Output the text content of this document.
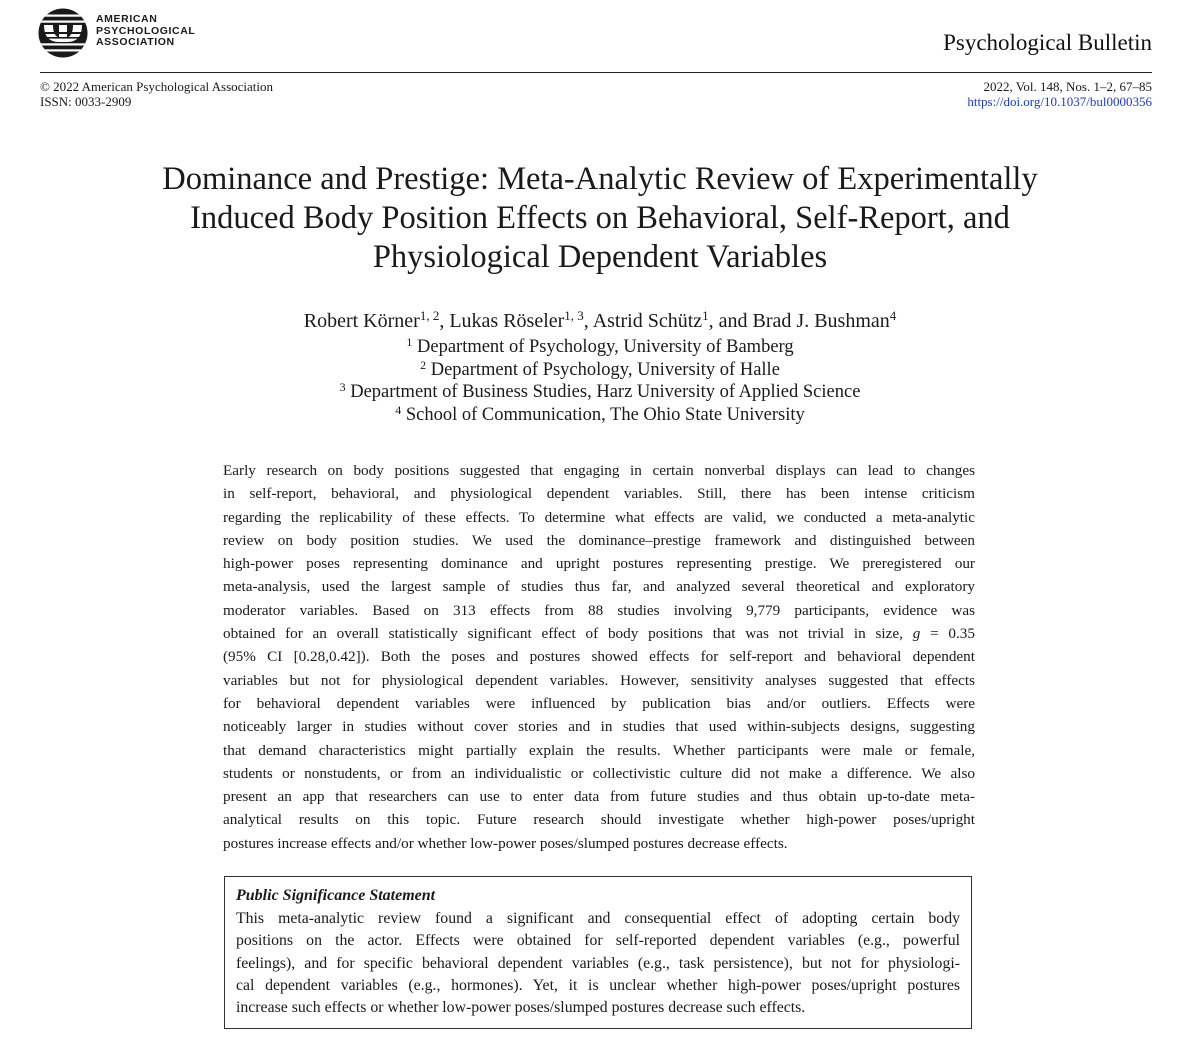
AMERICAN
PSYCHOLOGICAL
ASSOCIATION	Psychological Bulletin
© 2022 American Psychological Association
ISSN: 0033-2909
2022, Vol. 148, Nos. 1–2, 67–85
https://doi.org/10.1037/bul0000356
Dominance and Prestige: Meta-Analytic Review of Experimentally
Induced Body Position Effects on Behavioral, Self-Report, and
Physiological Dependent Variables
Robert Körner$^{1, 2}$, Lukas Röseler$^{1, 3}$, Astrid Schütz$^1$, and Brad J. Bushman$^4$
$^1$ Department of Psychology, University of Bamberg
$^2$ Department of Psychology, University of Halle
$^3$ Department of Business Studies, Harz University of Applied Science
$^4$ School of Communication, The Ohio State University
Early research on body positions suggested that engaging in certain nonverbal displays can lead to changes
in self-report, behavioral, and physiological dependent variables. Still, there has been intense criticism
regarding the replicability of these effects. To determine what effects are valid, we conducted a meta-analytic
review on body position studies. We used the dominance–prestige framework and distinguished between
high-power poses representing dominance and upright postures representing prestige. We preregistered our
meta-analysis, used the largest sample of studies thus far, and analyzed several theoretical and exploratory
moderator variables. Based on 313 effects from 88 studies involving 9,779 participants, evidence was
obtained for an overall statistically significant effect of body positions that was not trivial in size, g = 0.35
(95% CI [0.28,0.42]). Both the poses and postures showed effects for self-report and behavioral dependent
variables but not for physiological dependent variables. However, sensitivity analyses suggested that effects
for behavioral dependent variables were influenced by publication bias and/or outliers. Effects were
noticeably larger in studies without cover stories and in studies that used within-subjects designs, suggesting
that demand characteristics might partially explain the results. Whether participants were male or female,
students or nonstudents, or from an individualistic or collectivistic culture did not make a difference. We also
present an app that researchers can use to enter data from future studies and thus obtain up-to-date meta-
analytical results on this topic. Future research should investigate whether high-power poses/upright
postures increase effects and/or whether low-power poses/slumped postures decrease effects.
Public Significance Statement
This meta-analytic review found a significant and consequential effect of adopting certain body
positions on the actor. Effects were obtained for self-reported dependent variables (e.g., powerful
feelings), and for specific behavioral dependent variables (e.g., task persistence), but not for physiologi-
cal dependent variables (e.g., hormones). Yet, it is unclear whether high-power poses/upright postures
increase such effects or whether low-power poses/slumped postures decrease such effects.
